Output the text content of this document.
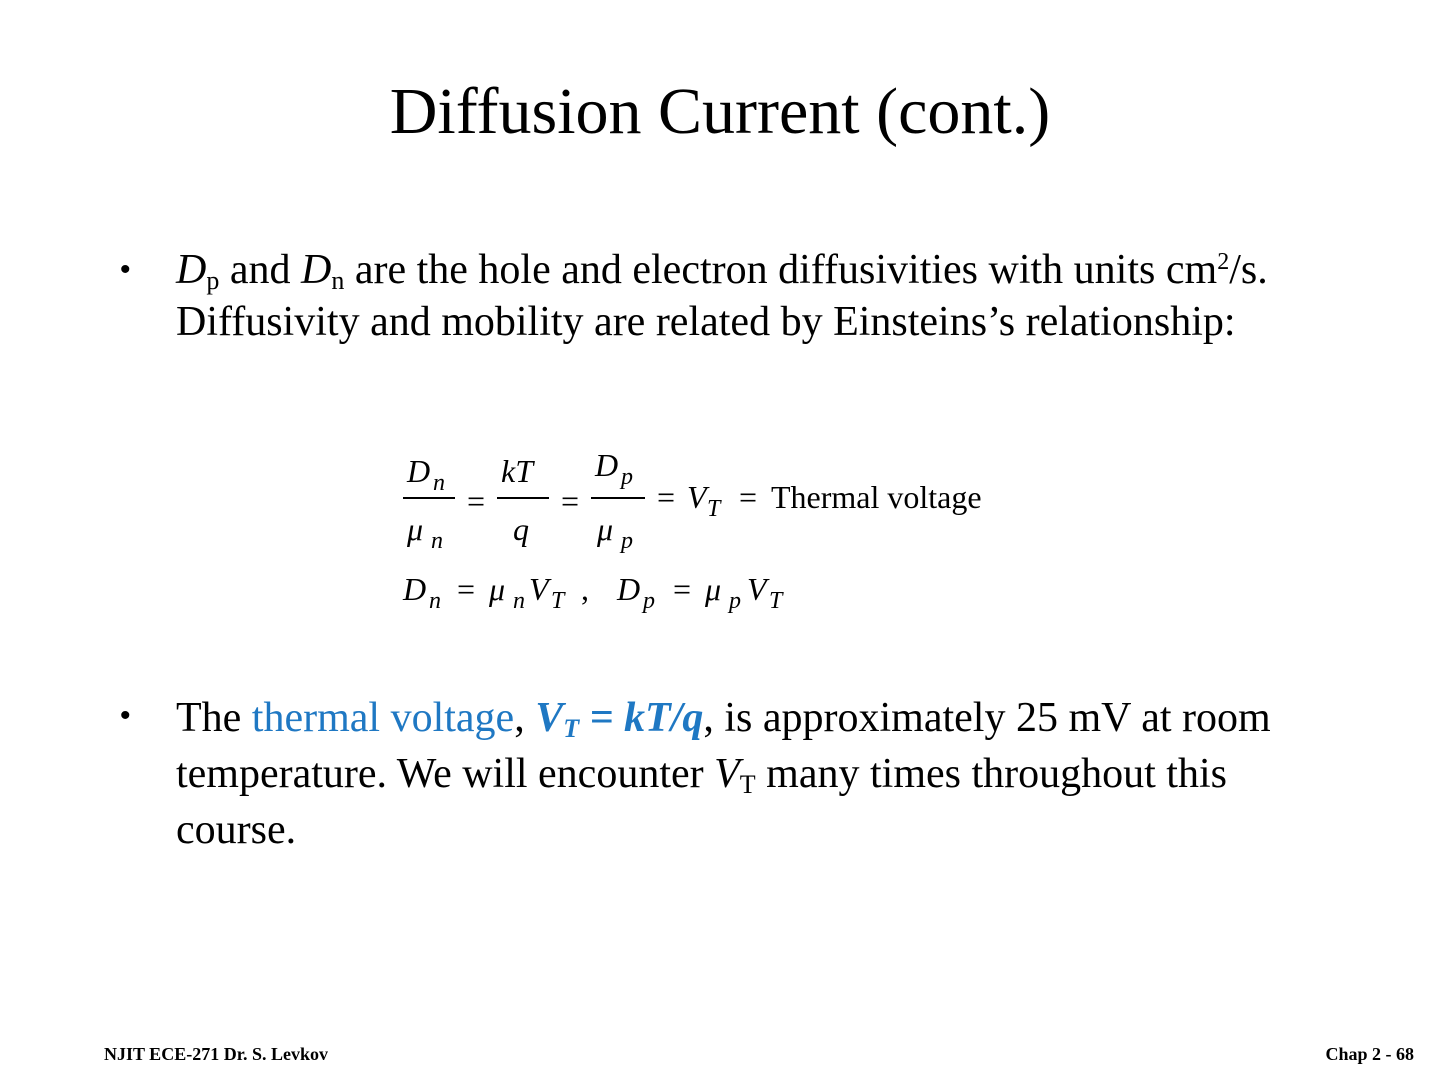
Diffusion Current (cont.)
• $D_p$ and $D_n$ are the hole and electron diffusivities with units $cm^2/s$. Diffusivity and mobility are related by Einsteins’s relationship:
D n
μ n
=
kT
q
=
D p
μ p
= V T = Thermal voltage
D n = μ n V T , D p = μ p V T
• The thermal voltage, $V_T = kT/q$, is approximately 25 mV at room temperature. We will encounter $V_T$ many times throughout this course.
NJIT ECE-271 Dr. S. Levkov	Chap 2 - 68
